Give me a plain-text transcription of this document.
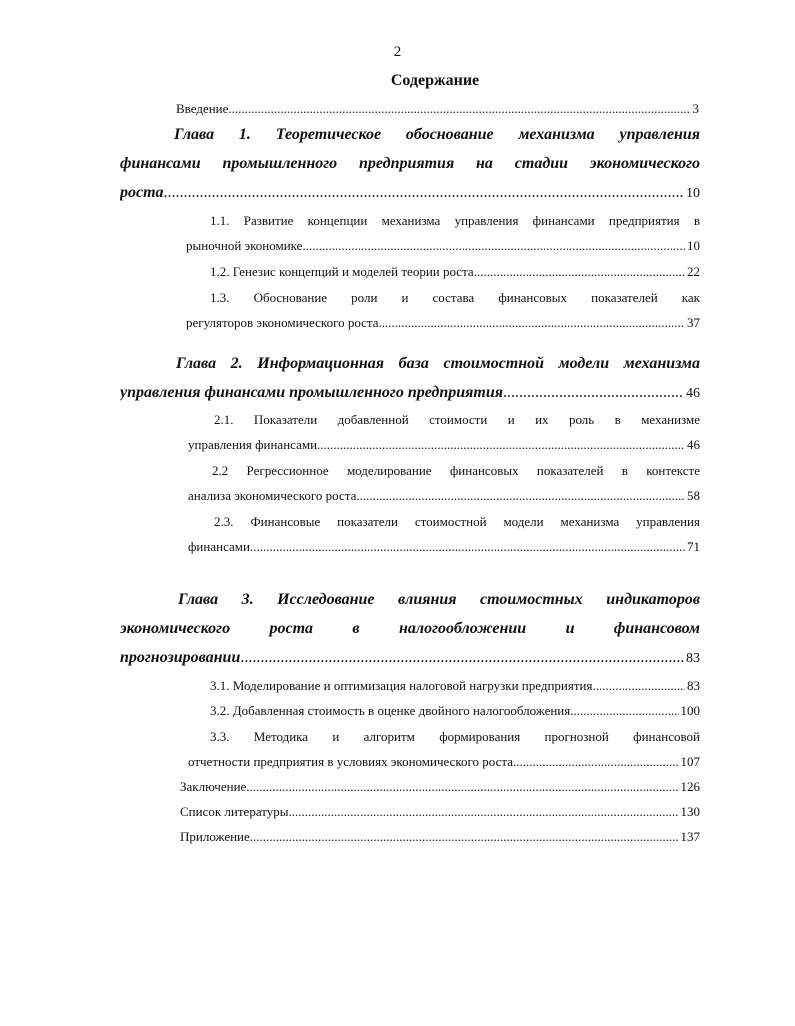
2
Содержание
Введение .....	3
Глава 1. Теоретическое обоснование механизма управления
финансами промышленного предприятия на стадии экономического
роста .....	10
1.1. Развитие концепции механизма управления финансами предприятия в
рыночной экономике .....	10
1.2. Генезис концепций и моделей теории роста .....	22
1.3. Обоснование роли и состава финансовых показателей как
регуляторов экономического роста .....	37
Глава 2. Информационная база стоимостной модели механизма
управления финансами промышленного предприятия .....	46
2.1. Показатели добавленной стоимости и их роль в механизме
управления финансами .....	46
2.2 Регрессионное моделирование финансовых показателей в контексте
анализа экономического роста .....	58
2.3. Финансовые показатели стоимостной модели механизма управления
финансами .....	71
Глава 3. Исследование влияния стоимостных индикаторов
экономического роста в налогообложении и финансовом
прогнозировании .....	83
3.1. Моделирование и оптимизация налоговой нагрузки предприятия .....	83
3.2. Добавленная стоимость в оценке двойного налогообложения .....	100
3.3. Методика и алгоритм формирования прогнозной финансовой
отчетности предприятия в условиях экономического роста .....	107
Заключение .....	126
Список литературы .....	130
Приложение .....	137
